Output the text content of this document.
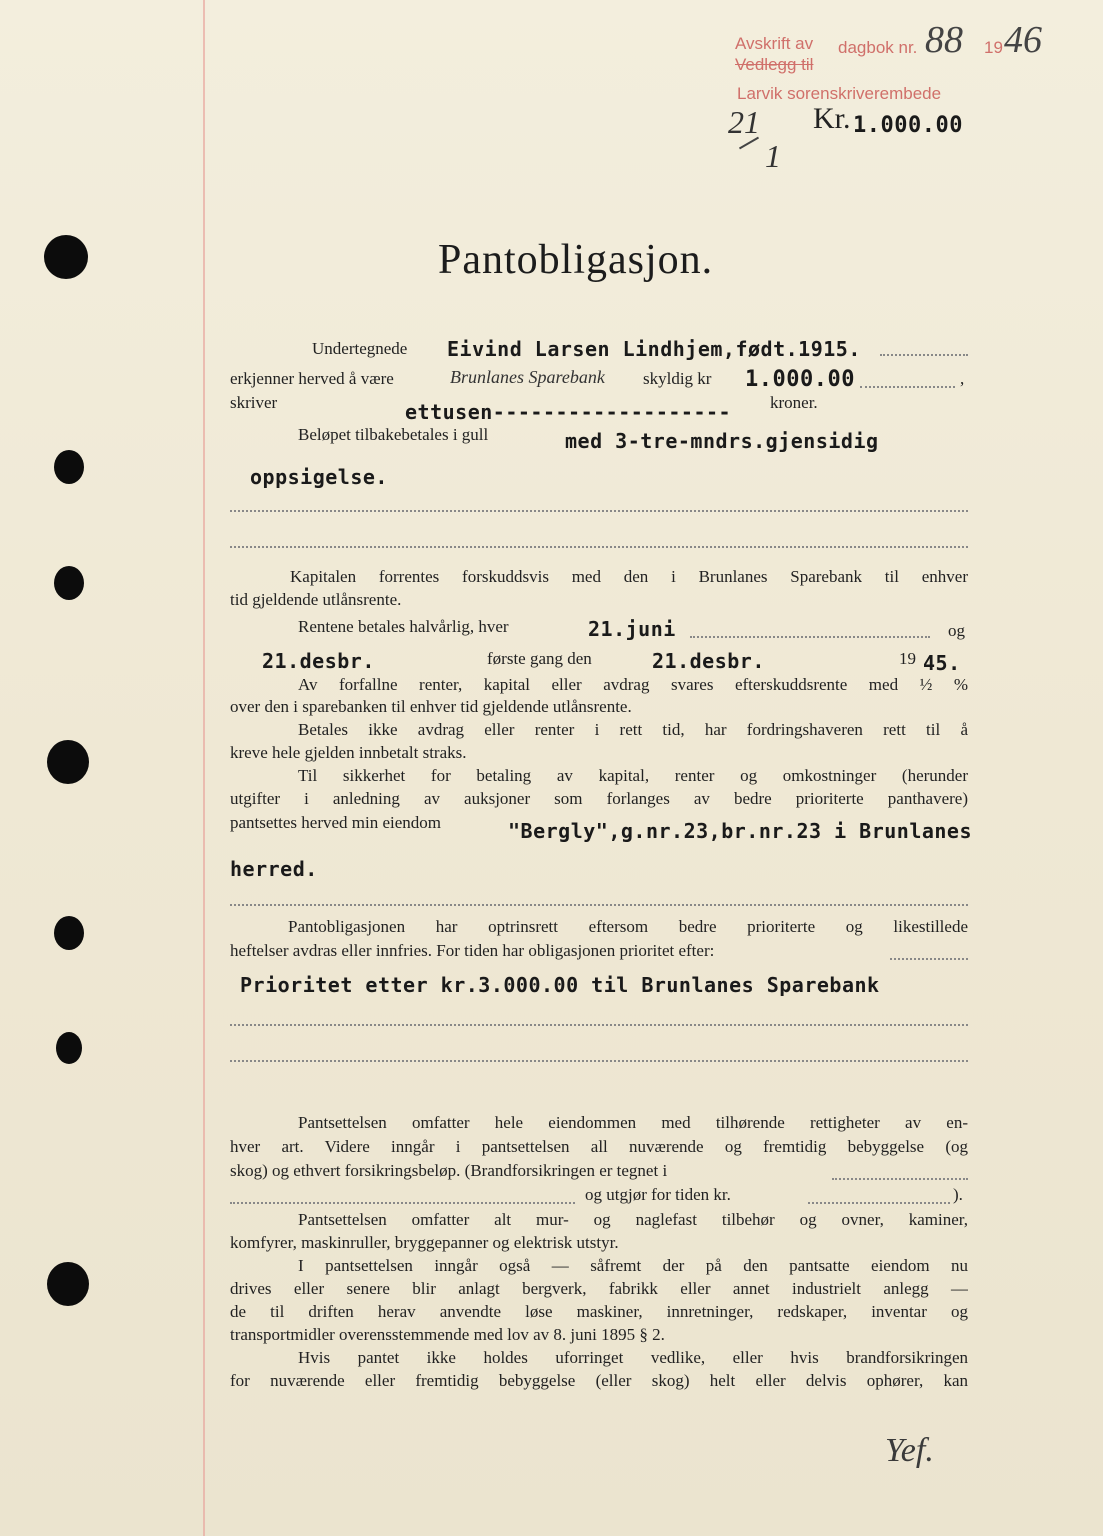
Avskrift av
Vedlegg til
dagbok nr. 88 19 46
Larvik sorenskriverembede
21
1
Kr. 1.000.00
Pantobligasjon.
Undertegnede Eivind Larsen Lindhjem,født.1915.
erkjenner herved å være	Brunlanes Sparebank skyldig kr 1.000.00	,
skriver	ettusen------------------- kroner.
Beløpet tilbakebetales i gull	med 3-tre-mndrs.gjensidig
oppsigelse.
Kapitalen forrentes forskuddsvis med den i Brunlanes Sparebank til enhver
tid gjeldende utlånsrente.
Rentene betales halvårlig, hver	21.juni	og
21.desbr.	første gang den	21.desbr.	19 45.
Av forfallne renter, kapital eller avdrag svares efterskuddsrente med ½ %
over den i sparebanken til enhver tid gjeldende utlånsrente.
Betales ikke avdrag eller renter i rett tid, har fordringshaveren rett til å
kreve hele gjelden innbetalt straks.
Til sikkerhet for betaling av kapital, renter og omkostninger (herunder
utgifter i anledning av auksjoner som forlanges av bedre prioriterte panthavere)
pantsettes herved min eiendom	"Bergly",g.nr.23,br.nr.23 i Brunlanes
herred.
Pantobligasjonen har optrinsrett eftersom bedre prioriterte og likestillede
heftelser avdras eller innfries. For tiden har obligasjonen prioritet efter:
Prioritet etter kr.3.000.00 til Brunlanes Sparebank
Pantsettelsen omfatter hele eiendommen med tilhørende rettigheter av en-
hver art. Videre inngår i pantsettelsen all nuværende og fremtidig bebyggelse (og
skog) og ethvert forsikringsbeløp. (Brandforsikringen er tegnet i
og utgjør for tiden kr.	).
Pantsettelsen omfatter alt mur- og naglefast tilbehør og ovner, kaminer,
komfyrer, maskinruller, bryggepanner og elektrisk utstyr.
I pantsettelsen inngår også — såfremt der på den pantsatte eiendom nu
drives eller senere blir anlagt bergverk, fabrikk eller annet industrielt anlegg —
de til driften herav anvendte løse maskiner, innretninger, redskaper, inventar og
transportmidler overensstemmende med lov av 8. juni 1895 § 2.
Hvis pantet ikke holdes uforringet vedlike, eller hvis brandforsikringen
for nuværende eller fremtidig bebyggelse (eller skog) helt eller delvis ophører, kan
Yef.
